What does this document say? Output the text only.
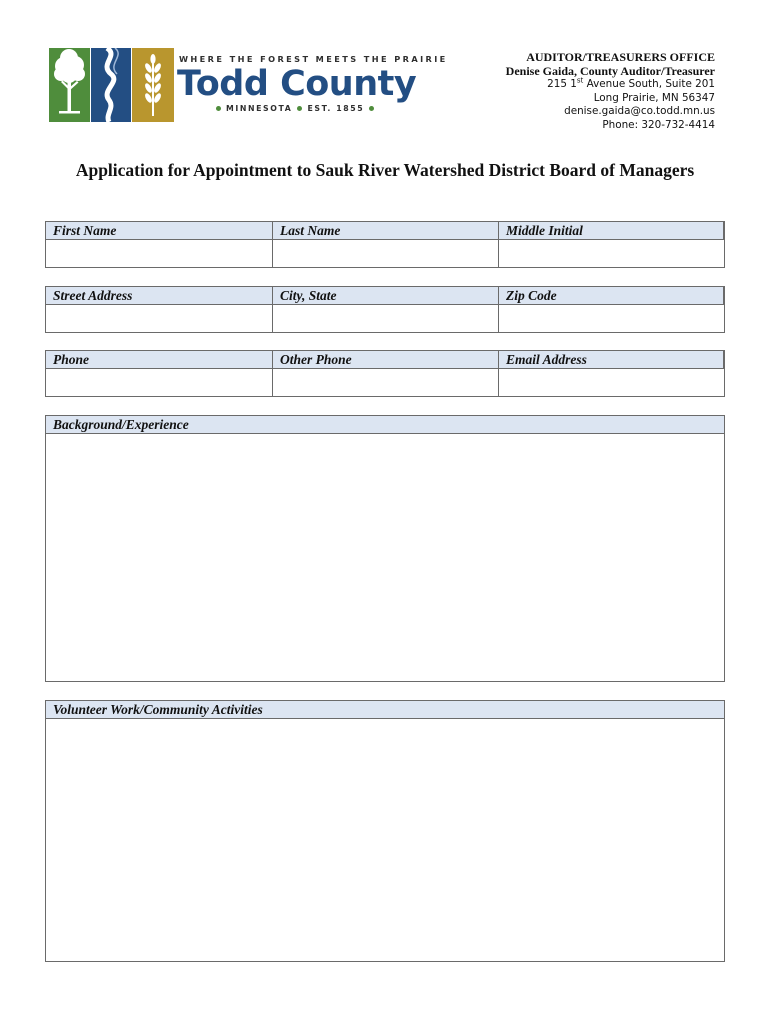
WHERE THE FOREST MEETS THE PRAIRIE
Todd County
MINNESOTA EST. 1855
AUDITOR/TREASURERS OFFICE
Denise Gaida, County Auditor/Treasurer
215 1st Avenue South, Suite 201
Long Prairie, MN 56347
denise.gaida@co.todd.mn.us
Phone: 320-732-4414
Application for Appointment to Sauk River Watershed District Board of Managers
First Name	Last Name	Middle Initial
Street Address	City, State	Zip Code
Phone	Other Phone	Email Address
Background/Experience
Volunteer Work/Community Activities
